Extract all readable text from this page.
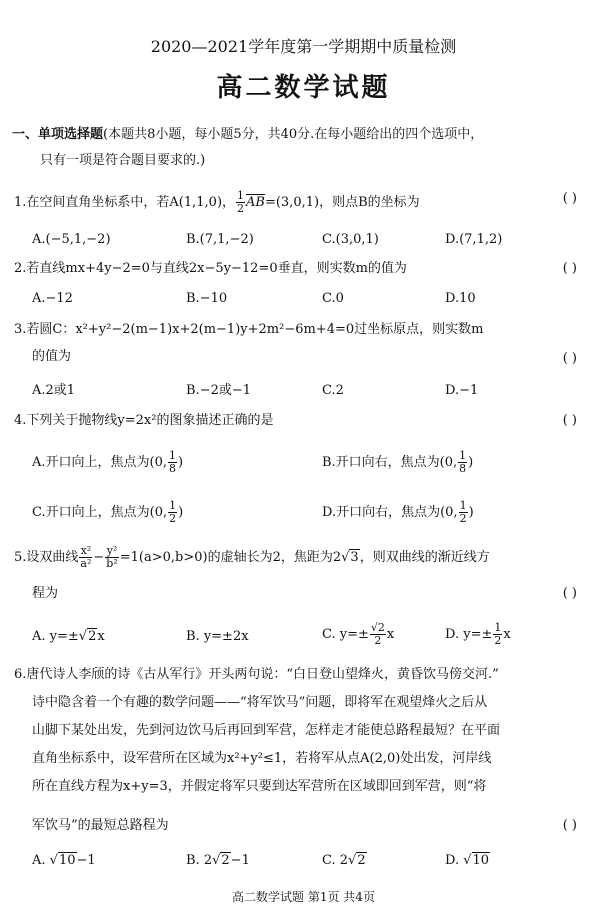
2020—2021学年度第一学期期中质量检测
高二数学试题
一、单项选择题(本题共8小题，每小题5分，共40分.在每小题给出的四个选项中，
只有一项是符合题目要求的.)
1.在空间直角坐标系中，若A(1,1,0)， $\frac{1}{2} \overline{AB}=(3,0,1)$，则点B的坐标为	( )
A.(−5,1,−2)	B.(7,1,−2)	C.(3,0,1)	D.(7,1,2)
2.若直线mx+4y−2=0与直线2x−5y−12=0垂直，则实数m的值为	( )
A.−12	B.−10	C.0	D.10
3.若圆C：x²+y²−2(m−1)x+2(m−1)y+2m²−6m+4=0过坐标原点，则实数m
的值为	( )
A.2或1	B.−2或−1	C.2	D.−1
4.下列关于抛物线y=2x²的图象描述正确的是	( )
A.开口向上，焦点为(0, $\frac{1}{8}$ )	B.开口向右，焦点为(0, $\frac{1}{8}$ )
C.开口向上，焦点为(0, $\frac{1}{2}$ )	D.开口向右，焦点为(0, $\frac{1}{2}$ )
5.设双曲线 $\frac{\text{x²}}{\text{a²}} - \frac{\text{y²}}{\text{b²}} =1(a>0,b>0)$的虚轴长为2，焦距为2√3，则双曲线的渐近线方
程为	( )
A. y=±√2x	B. y=±2x	C. $y=\pm \frac{√2}{2}$ x	D. $y=\pm \frac{1}{2}$ x
6.唐代诗人李颀的诗《古从军行》开头两句说：“白日登山望烽火，黄昏饮马傍交河.”
诗中隐含着一个有趣的数学问题——“将军饮马”问题，即将军在观望烽火之后从
山脚下某处出发，先到河边饮马后再回到军营，怎样走才能使总路程最短？在平面
直角坐标系中，设军营所在区域为x²+y²≤1，若将军从点A(2,0)处出发，河岸线
所在直线方程为x+y=3，并假定将军只要到达军营所在区域即回到军营，则“将
军饮马”的最短总路程为	( )
A. √10−1	B. 2√2−1	C. 2√2	D. √10
高二数学试题 第1页 共4页
